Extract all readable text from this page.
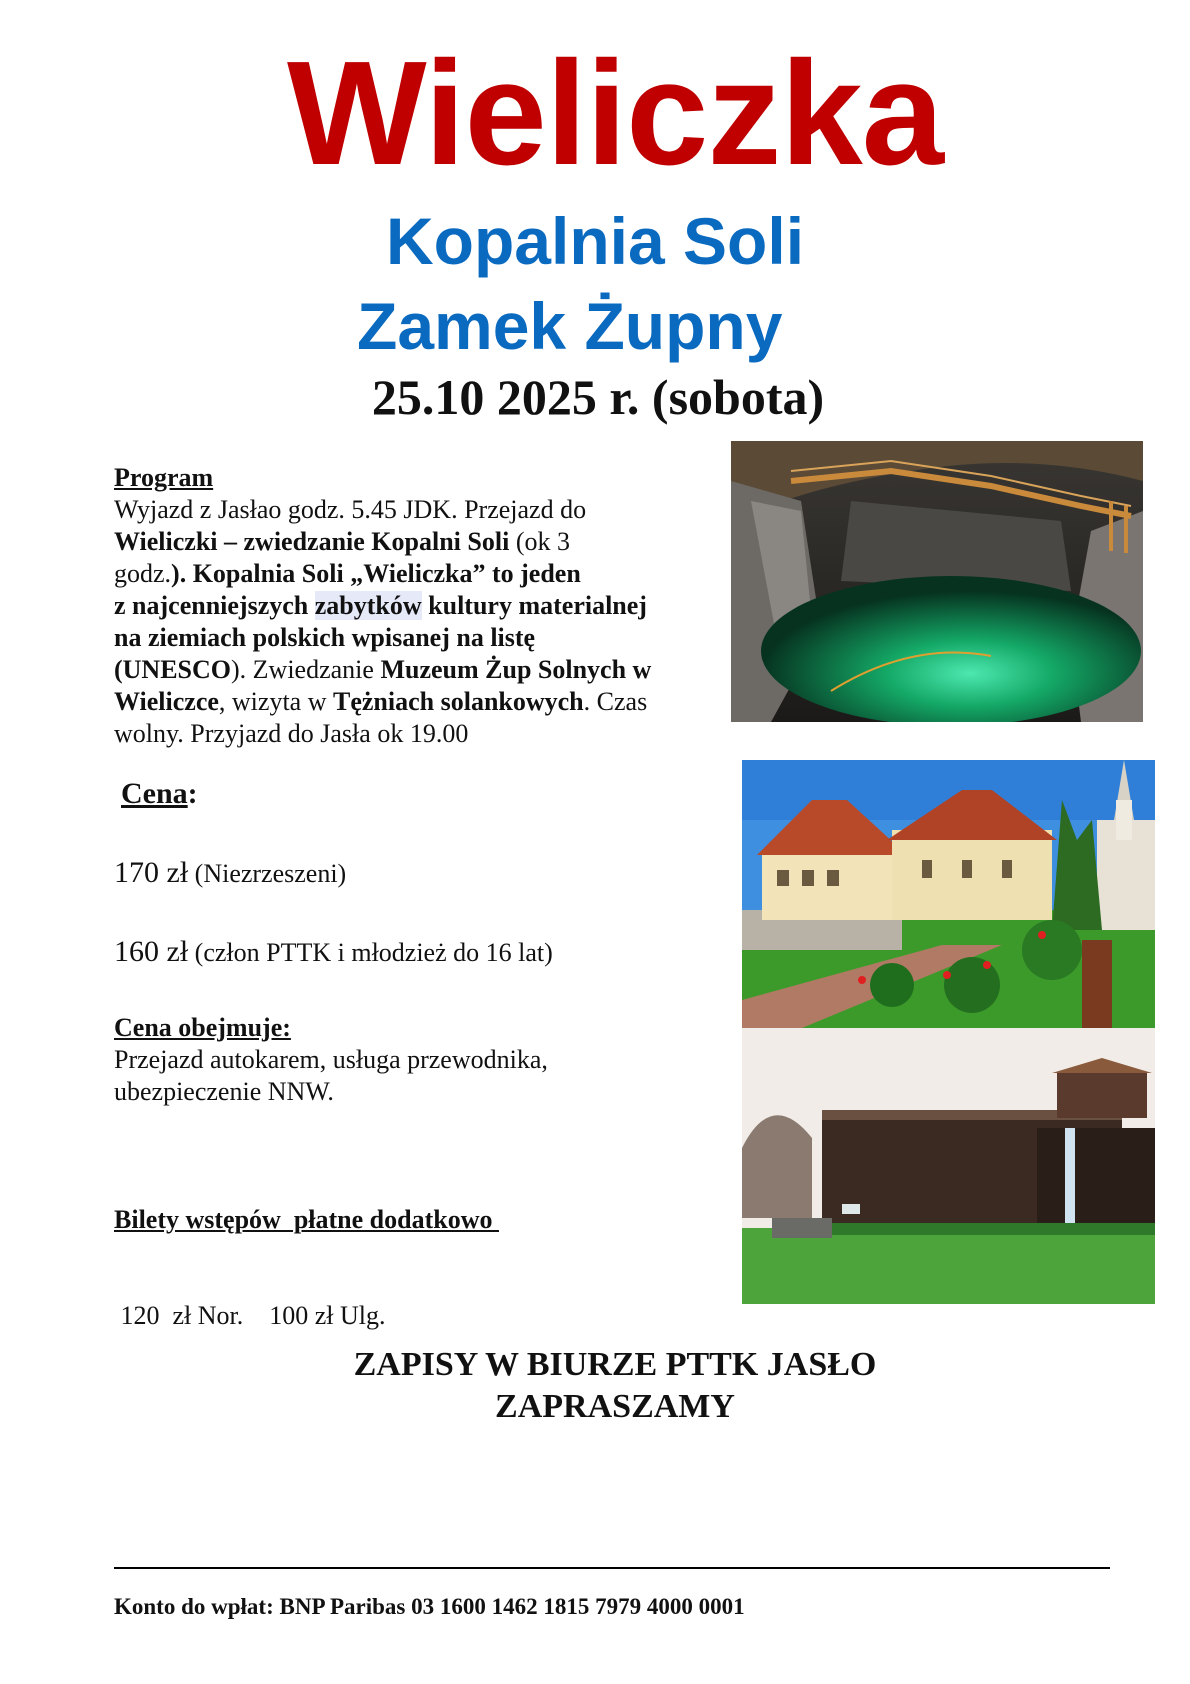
Wieliczka
Kopalnia Soli
Zamek Żupny
25.10 2025 r. (sobota)
Program
Wyjazd z Jasłao godz. 5.45 JDK. Przejazd do
Wieliczki – zwiedzanie Kopalni Soli (ok 3
godz.). Kopalnia Soli „Wieliczka” to jeden
z najcenniejszych zabytków kultury materialnej
na ziemiach polskich wpisanej na listę
(UNESCO). Zwiedzanie Muzeum Żup Solnych w
Wieliczce, wizyta w Tężniach solankowych. Czas
wolny. Przyjazd do Jasła ok 19.00
Cena:
170 zł (Niezrzeszeni)
160 zł (człon PTTK i młodzież do 16 lat)
Cena obejmuje:
Przejazd autokarem, usługa przewodnika,
ubezpieczenie NNW.

Bilety wstępów  płatne dodatkowo

120  zł Nor.    100 zł Ulg.

ZAPISY W BIURZE PTTK JASŁO
ZAPRASZAMY
Konto do wpłat: BNP Paribas 03 1600 1462 1815 7979 4000 0001
